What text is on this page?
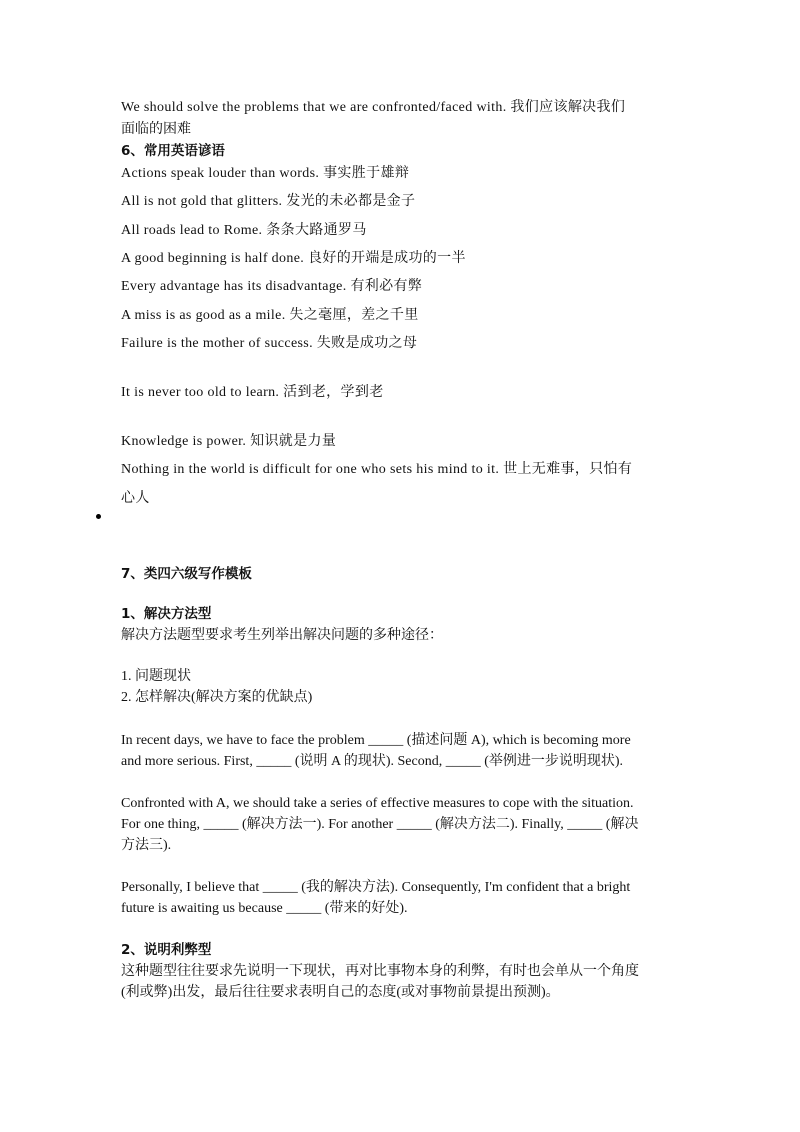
We should solve the problems that we are confronted/faced with. 我们应该解决我们
面临的困难
6、常用英语谚语
Actions speak louder than words. 事实胜于雄辩
All is not gold that glitters. 发光的未必都是金子
All roads lead to Rome. 条条大路通罗马
A good beginning is half done. 良好的开端是成功的一半
Every advantage has its disadvantage. 有利必有弊
A miss is as good as a mile. 失之毫厘，差之千里
Failure is the mother of success. 失败是成功之母
It is never too old to learn. 活到老，学到老
Knowledge is power. 知识就是力量
Nothing in the world is difficult for one who sets his mind to it. 世上无难事，只怕有
心人
7、类四六级写作模板
1、解决方法型
解决方法题型要求考生列举出解决问题的多种途径：
1. 问题现状
2. 怎样解决(解决方案的优缺点)
In recent days, we have to face the problem _____ (描述问题 A), which is becoming more
and more serious. First, _____ (说明 A 的现状). Second, _____ (举例进一步说明现状).
Confronted with A, we should take a series of effective measures to cope with the situation.
For one thing, _____ (解决方法一). For another _____ (解决方法二). Finally, _____ (解决
方法三).
Personally, I believe that _____ (我的解决方法). Consequently, I'm confident that a bright
future is awaiting us because _____ (带来的好处).
2、说明利弊型
这种题型往往要求先说明一下现状，再对比事物本身的利弊，有时也会单从一个角度
(利或弊)出发，最后往往要求表明自己的态度(或对事物前景提出预测)。
